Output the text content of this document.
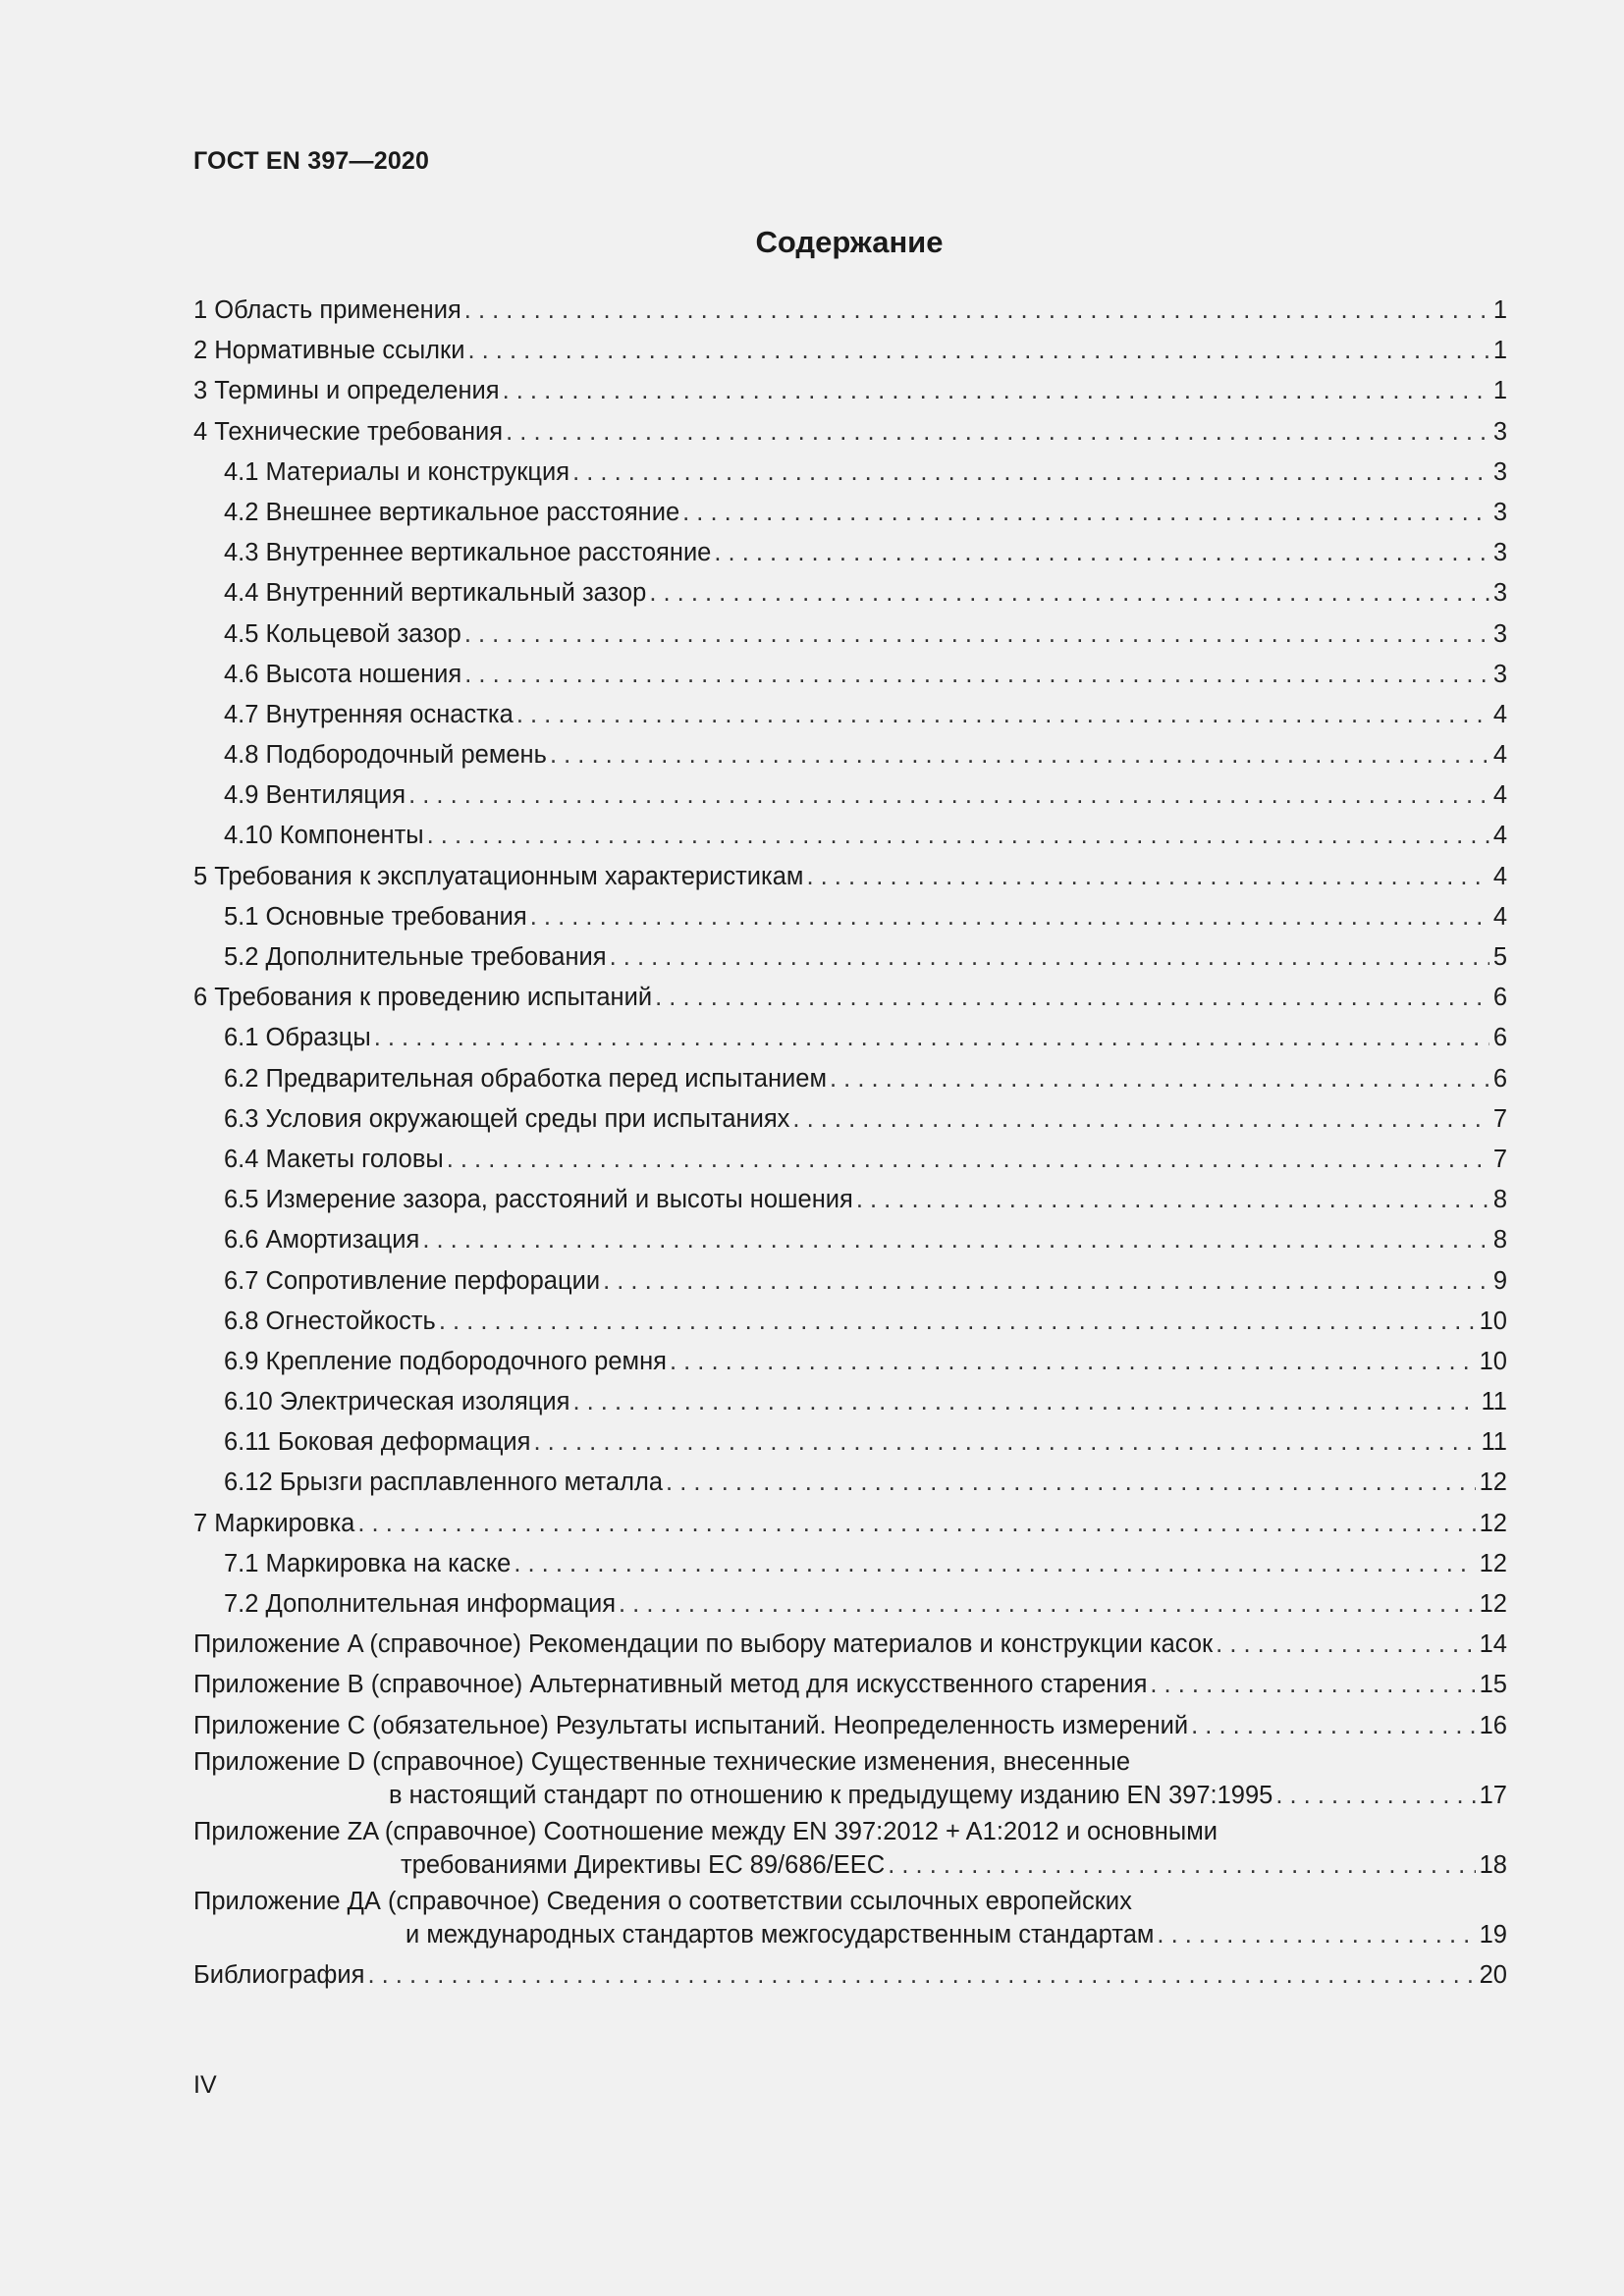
ГОСТ EN 397—2020
Содержание
1 Область применения . . .	1
2 Нормативные ссылки . . .	1
3 Термины и определения . . .	1
4 Технические требования . . .	3
4.1 Материалы и конструкция . . .	3
4.2 Внешнее вертикальное расстояние . . .	3
4.3 Внутреннее вертикальное расстояние . . .	3
4.4 Внутренний вертикальный зазор . . .	3
4.5 Кольцевой зазор . . .	3
4.6 Высота ношения . . .	3
4.7 Внутренняя оснастка . . .	4
4.8 Подбородочный ремень . . .	4
4.9 Вентиляция . . .	4
4.10 Компоненты . . .	4
5 Требования к эксплуатационным характеристикам . . .	4
5.1 Основные требования . . .	4
5.2 Дополнительные требования . . .	5
6 Требования к проведению испытаний . . .	6
6.1 Образцы . . .	6
6.2 Предварительная обработка перед испытанием . . .	6
6.3 Условия окружающей среды при испытаниях . . .	7
6.4 Макеты головы . . .	7
6.5 Измерение зазора, расстояний и высоты ношения . . .	8
6.6 Амортизация . . .	8
6.7 Сопротивление перфорации . . .	9
6.8 Огнестойкость . . .	10
6.9 Крепление подбородочного ремня . . .	10
6.10 Электрическая изоляция . . .	11
6.11 Боковая деформация . . .	11
6.12 Брызги расплавленного металла . . .	12
7 Маркировка . . .	12
7.1 Маркировка на каске . . .	12
7.2 Дополнительная информация . . .	12
Приложение A (справочное) Рекомендации по выбору материалов и конструкции касок . . .	14
Приложение B (справочное) Альтернативный метод для искусственного старения . . .	15
Приложение C (обязательное) Результаты испытаний. Неопределенность измерений . . .	16
Приложение D (справочное) Существенные технические изменения, внесенные
в настоящий стандарт по отношению к предыдущему изданию EN 397:1995 . . .	17
Приложение ZA (справочное) Соотношение между EN 397:2012 + A1:2012 и основными
требованиями Директивы ЕС 89/686/ЕЕС . . .	18
Приложение ДА (справочное) Сведения о соответствии ссылочных европейских
и международных стандартов межгосударственным стандартам . . .	19
Библиография . . .	20
IV
